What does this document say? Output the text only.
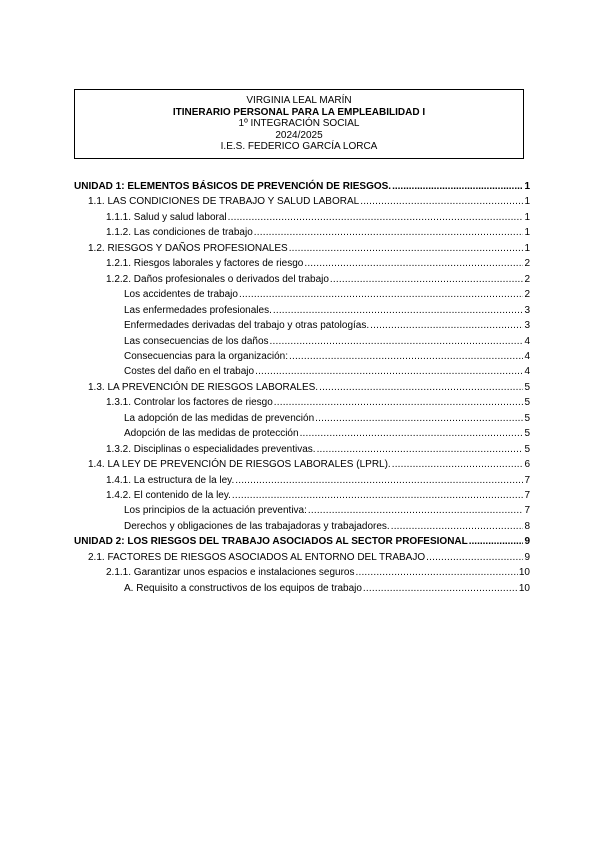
VIRGINIA LEAL MARÍN
ITINERARIO PERSONAL PARA LA EMPLEABILIDAD I
1º INTEGRACIÓN SOCIAL
2024/2025
I.E.S. FEDERICO GARCÍA LORCA
UNIDAD 1: ELEMENTOS BÁSICOS DE PREVENCIÓN DE RIESGOS. .....	1
1.1. LAS CONDICIONES DE TRABAJO Y SALUD LABORAL .....	1
1.1.1. Salud y salud laboral .....	1
1.1.2. Las condiciones de trabajo .....	1
1.2. RIESGOS Y DAÑOS PROFESIONALES .....	1
1.2.1. Riesgos laborales y factores de riesgo .....	2
1.2.2. Daños profesionales o derivados del trabajo .....	2
Los accidentes de trabajo .....	2
Las enfermedades profesionales. .....	3
Enfermedades derivadas del trabajo y otras patologías. .....	3
Las consecuencias de los daños .....	4
Consecuencias para la organización: .....	4
Costes del daño en el trabajo .....	4
1.3. LA PREVENCIÓN DE RIESGOS LABORALES. .....	5
1.3.1. Controlar los factores de riesgo .....	5
La adopción de las medidas de prevención .....	5
Adopción de las medidas de protección .....	5
1.3.2. Disciplinas o especialidades preventivas. .....	5
1.4. LA LEY DE PREVENCIÓN DE RIESGOS LABORALES (LPRL). .....	6
1.4.1. La estructura de la ley. .....	7
1.4.2. El contenido de la ley. .....	7
Los principios de la actuación preventiva: .....	7
Derechos y obligaciones de las trabajadoras y trabajadores. .....	8
UNIDAD 2: LOS RIESGOS DEL TRABAJO ASOCIADOS AL SECTOR PROFESIONAL .....	9
2.1. FACTORES DE RIESGOS ASOCIADOS AL ENTORNO DEL TRABAJO .....	9
2.1.1. Garantizar unos espacios e instalaciones seguros .....	10
A. Requisito a constructivos de los equipos de trabajo .....	10
